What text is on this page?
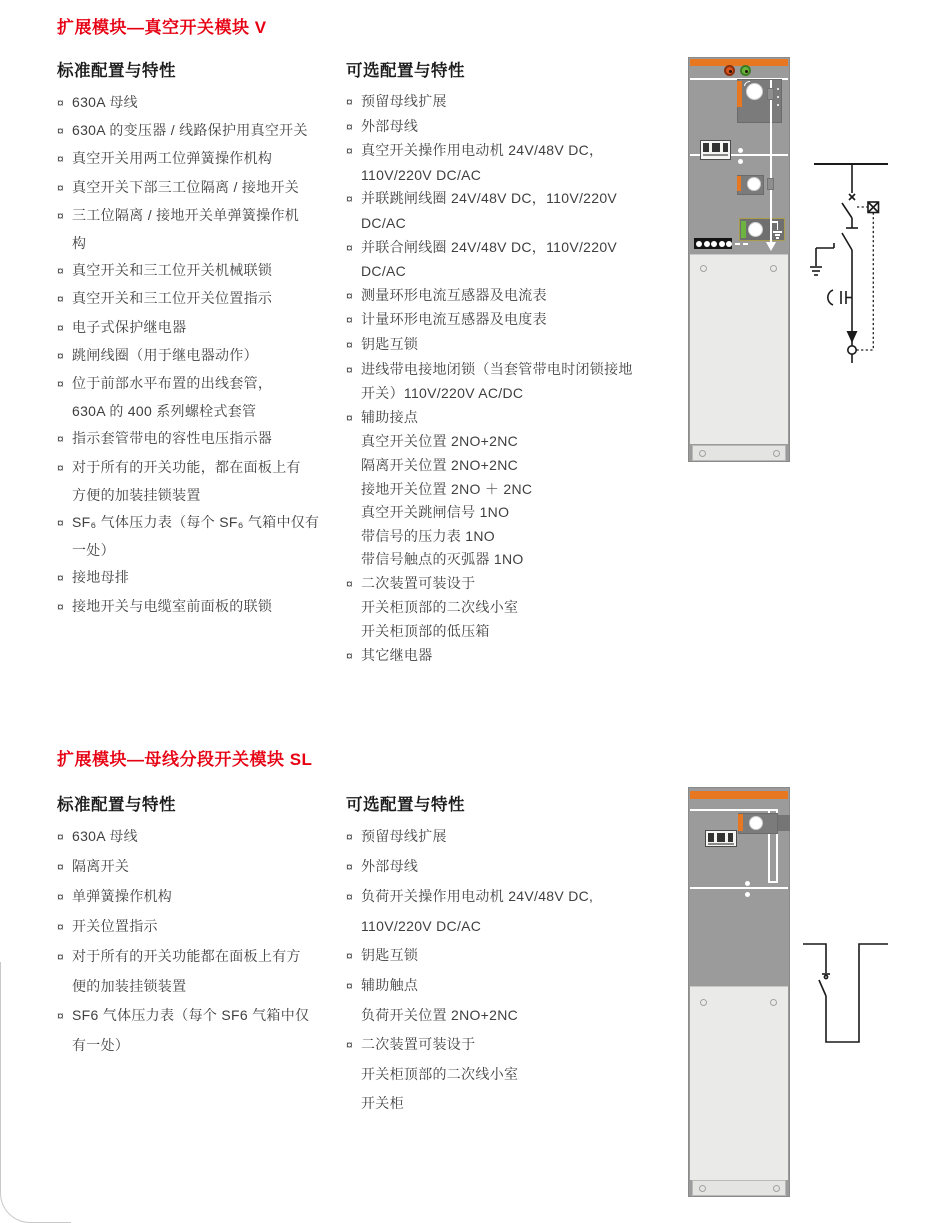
扩展模块—真空开关模块 V
标准配置与特性
¤ 630A 母线
¤ 630A 的变压器 / 线路保护用真空开关
¤ 真空开关用两工位弹簧操作机构
¤ 真空开关下部三工位隔离 / 接地开关
¤ 三工位隔离 / 接地开关单弹簧操作机
构
¤ 真空开关和三工位开关机械联锁
¤ 真空开关和三工位开关位置指示
¤ 电子式保护继电器
¤ 跳闸线圈（用于继电器动作）
¤ 位于前部水平布置的出线套管，
630A 的 400 系列螺栓式套管
¤ 指示套管带电的容性电压指示器
¤ 对于所有的开关功能，都在面板上有
方便的加装挂锁装置
¤ SF₆ 气体压力表（每个 SF₆ 气箱中仅有
一处）
¤ 接地母排
¤ 接地开关与电缆室前面板的联锁
可选配置与特性
¤ 预留母线扩展
¤ 外部母线
¤ 真空开关操作用电动机 24V/48V DC，
110V/220V DC/AC
¤ 并联跳闸线圈 24V/48V DC，110V/220V
DC/AC
¤ 并联合闸线圈 24V/48V DC，110V/220V
DC/AC
¤ 测量环形电流互感器及电流表
¤ 计量环形电流互感器及电度表
¤ 钥匙互锁
¤ 进线带电接地闭锁（当套管带电时闭锁接地
开关）110V/220V AC/DC
¤ 辅助接点
真空开关位置 2NO+2NC
隔离开关位置 2NO+2NC
接地开关位置 2NO ＋ 2NC
真空开关跳闸信号 1NO
带信号的压力表 1NO
带信号触点的灭弧器 1NO
¤ 二次装置可装设于
开关柜顶部的二次线小室
开关柜顶部的低压箱
¤ 其它继电器
扩展模块—母线分段开关模块 SL
标准配置与特性
¤ 630A 母线
¤ 隔离开关
¤ 单弹簧操作机构
¤ 开关位置指示
¤ 对于所有的开关功能都在面板上有方
便的加装挂锁装置
¤ SF6 气体压力表（每个 SF6 气箱中仅
有一处）
可选配置与特性
¤ 预留母线扩展
¤ 外部母线
¤ 负荷开关操作用电动机 24V/48V DC,
110V/220V DC/AC
¤ 钥匙互锁
¤ 辅助触点
负荷开关位置 2NO+2NC
¤ 二次装置可装设于
开关柜顶部的二次线小室
开关柜
